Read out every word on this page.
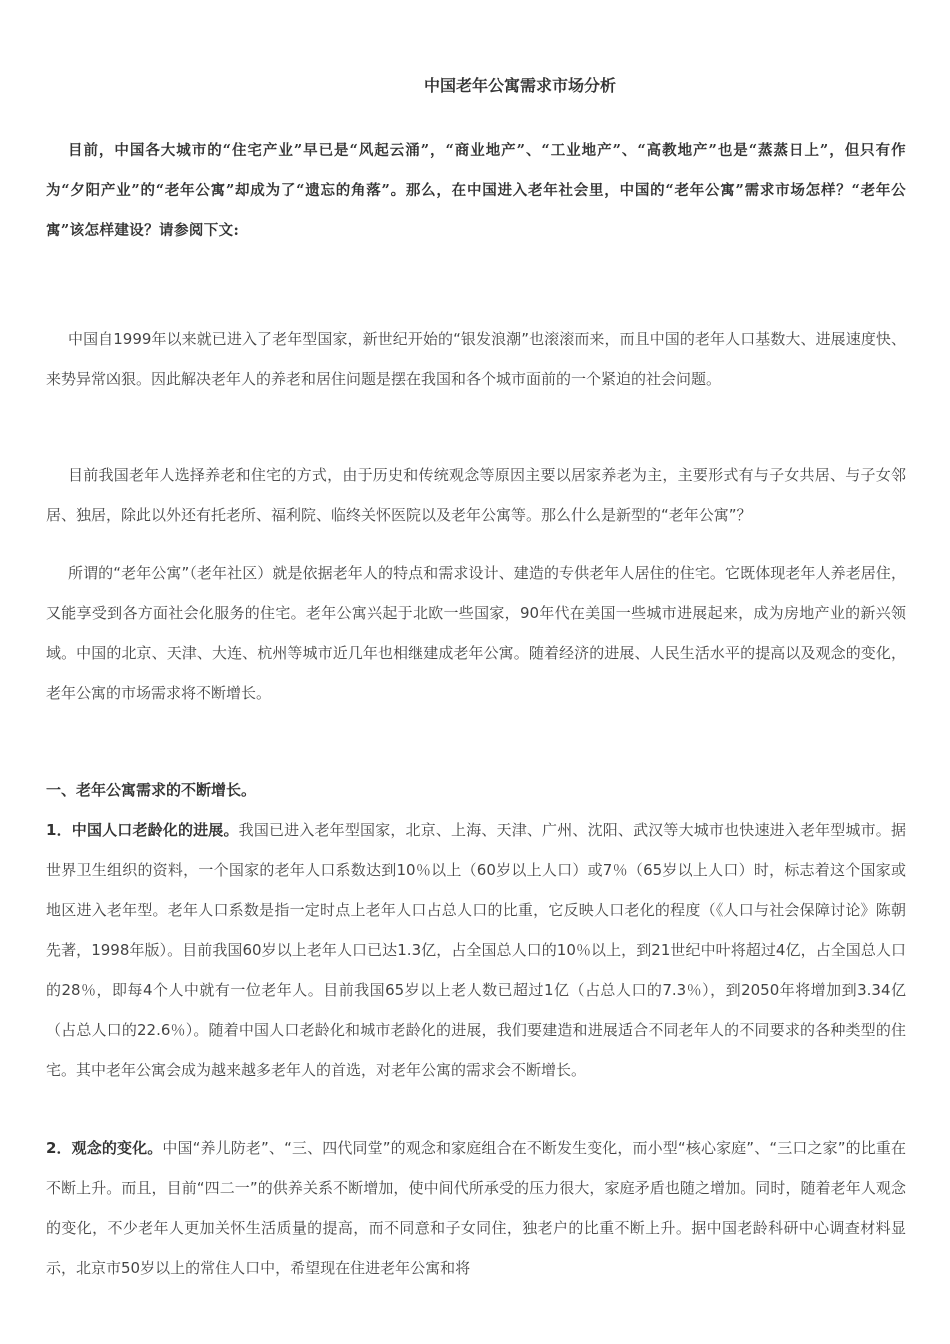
中国老年公寓需求市场分析

目前，中国各大城市的“住宅产业”早已是“风起云涌”，“商业地产”、“工业地产”、“高教地产”也是“蒸蒸日上”，但只有作为“夕阳产业”的“老年公寓”却成为了“遗忘的角落”。那么，在中国进入老年社会里，中国的“老年公寓”需求市场怎样？“老年公寓”该怎样建设？请参阅下文:

中国自1999年以来就已进入了老年型国家，新世纪开始的“银发浪潮”也滚滚而来，而且中国的老年人口基数大、进展速度快、来势异常凶狠。因此解决老年人的养老和居住问题是摆在我国和各个城市面前的一个紧迫的社会问题。

目前我国老年人选择养老和住宅的方式，由于历史和传统观念等原因主要以居家养老为主，主要形式有与子女共居、与子女邻居、独居，除此以外还有托老所、福利院、临终关怀医院以及老年公寓等。那么什么是新型的“老年公寓”？

所谓的“老年公寓”（老年社区）就是依据老年人的特点和需求设计、建造的专供老年人居住的住宅。它既体现老年人养老居住，又能享受到各方面社会化服务的住宅。老年公寓兴起于北欧一些国家，90年代在美国一些城市进展起来，成为房地产业的新兴领域。中国的北京、天津、大连、杭州等城市近几年也相继建成老年公寓。随着经济的进展、人民生活水平的提高以及观念的变化，老年公寓的市场需求将不断增长。

一、老年公寓需求的不断增长。

1．中国人口老龄化的进展。我国已进入老年型国家，北京、上海、天津、广州、沈阳、武汉等大城市也快速进入老年型城市。据世界卫生组织的资料，一个国家的老年人口系数达到10％以上（60岁以上人口）或7％（65岁以上人口）时，标志着这个国家或地区进入老年型。老年人口系数是指一定时点上老年人口占总人口的比重，它反映人口老化的程度（《人口与社会保障讨论》陈朝先著，1998年版）。目前我国60岁以上老年人口已达1.3亿，占全国总人口的10％以上，到21世纪中叶将超过4亿，占全国总人口的28％，即每4个人中就有一位老年人。目前我国65岁以上老人数已超过1亿（占总人口的7.3％），到2050年将增加到3.34亿（占总人口的22.6％）。随着中国人口老龄化和城市老龄化的进展，我们要建造和进展适合不同老年人的不同要求的各种类型的住宅。其中老年公寓会成为越来越多老年人的首选，对老年公寓的需求会不断增长。

2．观念的变化。中国“养儿防老”、“三、四代同堂”的观念和家庭组合在不断发生变化，而小型“核心家庭”、“三口之家”的比重在不断上升。而且，目前“四二一”的供养关系不断增加，使中间代所承受的压力很大，家庭矛盾也随之增加。同时，随着老年人观念的变化，不少老年人更加关怀生活质量的提高，而不同意和子女同住，独老户的比重不断上升。据中国老龄科研中心调查材料显示，北京市50岁以上的常住人口中，希望现在住进老年公寓和将
